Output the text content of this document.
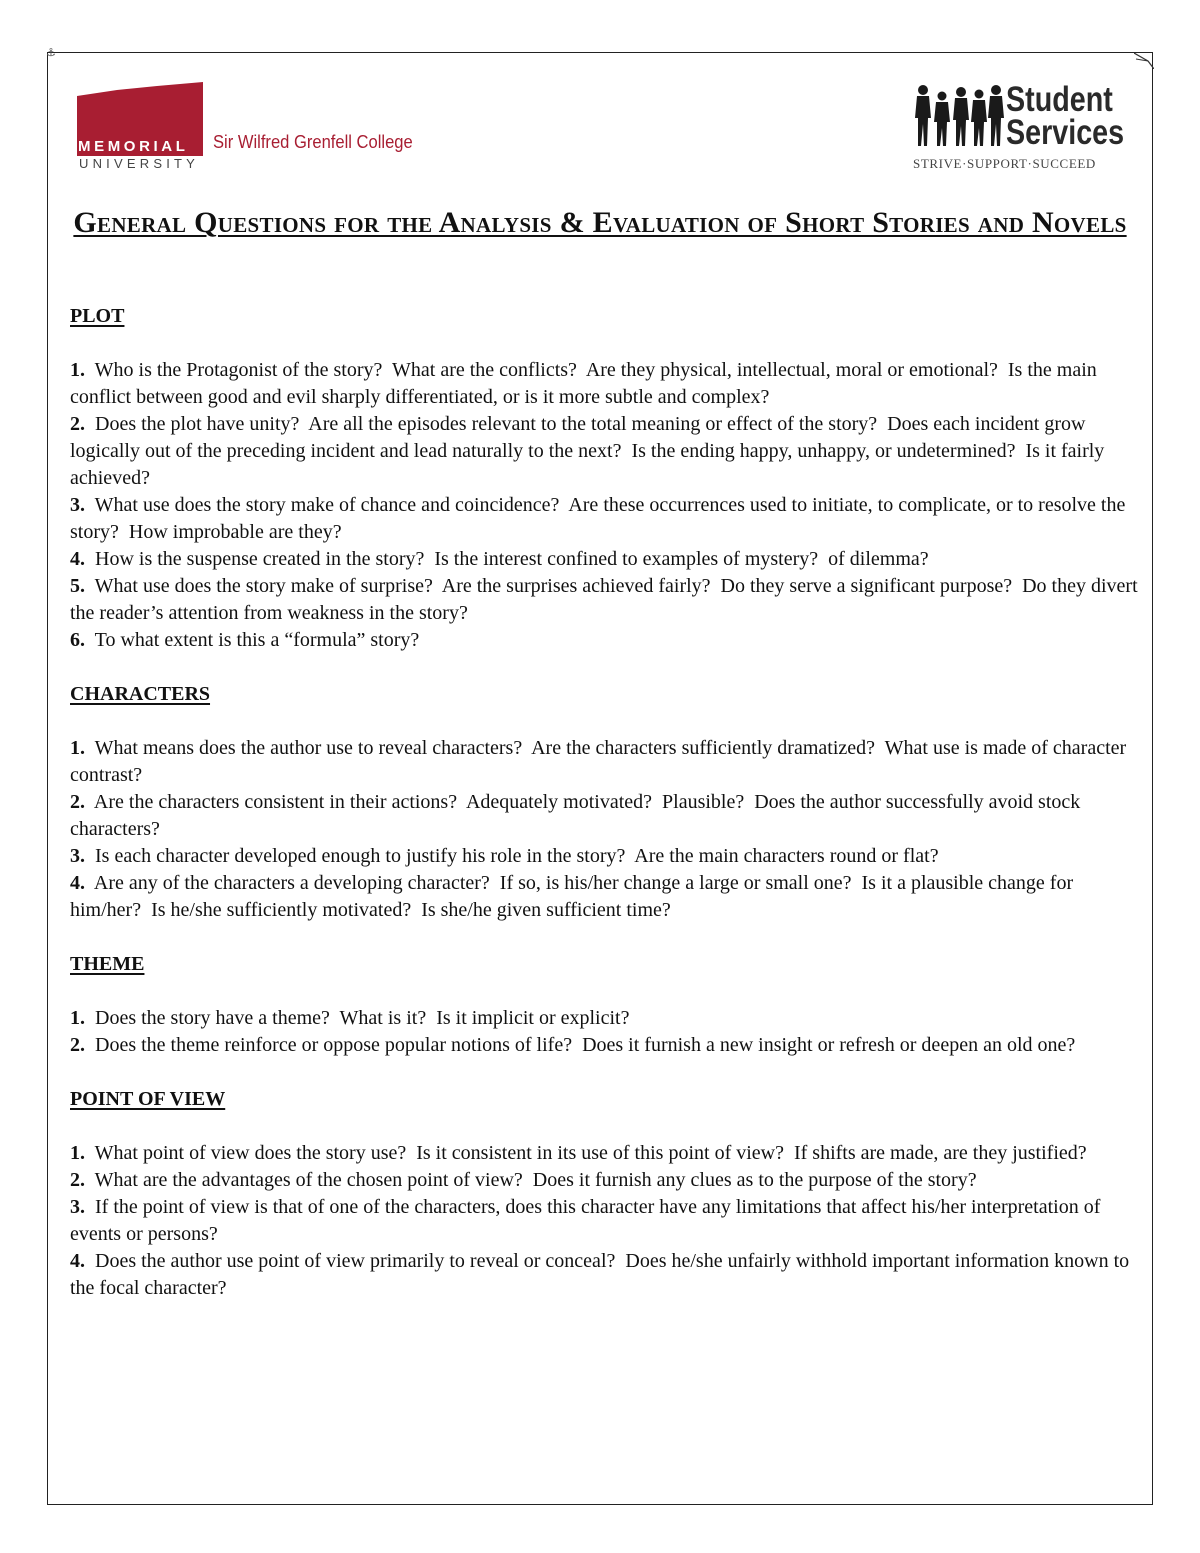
⚓
MEMORIAL
UNIVERSITY
Sir Wilfred Grenfell College
Student
Services
STRIVE·SUPPORT·SUCCEED
General Questions for the Analysis & Evaluation of Short Stories and Novels
PLOT

1. Who is the Protagonist of the story?  What are the conflicts?  Are they physical, intellectual, moral or emotional?  Is the main conflict between good and evil sharply differentiated, or is it more subtle and complex?

2. Does the plot have unity?  Are all the episodes relevant to the total meaning or effect of the story?  Does each incident grow logically out of the preceding incident and lead naturally to the next?  Is the ending happy, unhappy, or undetermined?  Is it fairly achieved?

3. What use does the story make of chance and coincidence?  Are these occurrences used to initiate, to complicate, or to resolve the story?  How improbable are they?

4. How is the suspense created in the story?  Is the interest confined to examples of mystery?  of dilemma?

5. What use does the story make of surprise?  Are the surprises achieved fairly?  Do they serve a significant purpose?  Do they divert the reader’s attention from weakness in the story?

6. To what extent is this a “formula” story?

CHARACTERS

1. What means does the author use to reveal characters?  Are the characters sufficiently dramatized?  What use is made of character contrast?

2. Are the characters consistent in their actions?  Adequately motivated?  Plausible?  Does the author successfully avoid stock characters?

3. Is each character developed enough to justify his role in the story?  Are the main characters round or flat?

4. Are any of the characters a developing character?  If so, is his/her change a large or small one?  Is it a plausible change for him/her?  Is he/she sufficiently motivated?  Is she/he given sufficient time?

THEME

1. Does the story have a theme?  What is it?  Is it implicit or explicit?

2. Does the theme reinforce or oppose popular notions of life?  Does it furnish a new insight or refresh or deepen an old one?

POINT OF VIEW

1. What point of view does the story use?  Is it consistent in its use of this point of view?  If shifts are made, are they justified?

2. What are the advantages of the chosen point of view?  Does it furnish any clues as to the purpose of the story?

3. If the point of view is that of one of the characters, does this character have any limitations that affect his/her interpretation of events or persons?

4. Does the author use point of view primarily to reveal or conceal?  Does he/she unfairly withhold important information known to the focal character?
